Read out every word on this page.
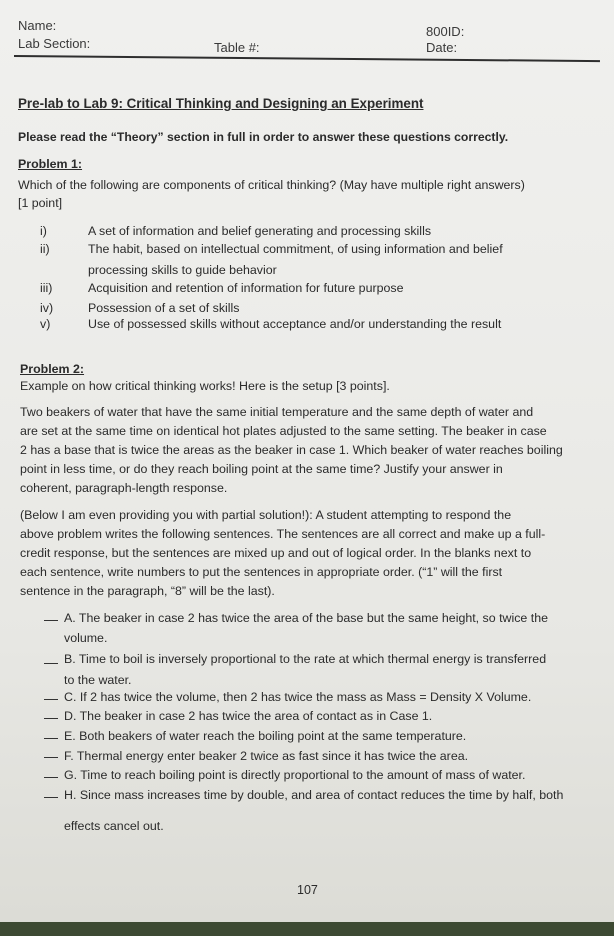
Name:
Lab Section:	Table #:
800ID:
Date:
Pre-lab to Lab 9: Critical Thinking and Designing an Experiment
Please read the “Theory” section in full in order to answer these questions correctly.
Problem 1:
Which of the following are components of critical thinking? (May have multiple right answers)
[1 point]
i)	A set of information and belief generating and processing skills
ii)	The habit, based on intellectual commitment, of using information and belief
processing skills to guide behavior
iii)	Acquisition and retention of information for future purpose
iv)	Possession of a set of skills
v)	Use of possessed skills without acceptance and/or understanding the result
Problem 2:
Example on how critical thinking works! Here is the setup [3 points].
Two beakers of water that have the same initial temperature and the same depth of water and
are set at the same time on identical hot plates adjusted to the same setting. The beaker in case
2 has a base that is twice the areas as the beaker in case 1. Which beaker of water reaches boiling
point in less time, or do they reach boiling point at the same time? Justify your answer in
coherent, paragraph-length response.
(Below I am even providing you with partial solution!): A student attempting to respond the
above problem writes the following sentences. The sentences are all correct and make up a full-
credit response, but the sentences are mixed up and out of logical order. In the blanks next to
each sentence, write numbers to put the sentences in appropriate order. (“1” will the first
sentence in the paragraph, “8” will be the last).
A. The beaker in case 2 has twice the area of the base but the same height, so twice the
volume.
B. Time to boil is inversely proportional to the rate at which thermal energy is transferred
to the water.
C. If 2 has twice the volume, then 2 has twice the mass as Mass = Density X Volume.
D. The beaker in case 2 has twice the area of contact as in Case 1.
E. Both beakers of water reach the boiling point at the same temperature.
F. Thermal energy enter beaker 2 twice as fast since it has twice the area.
G. Time to reach boiling point is directly proportional to the amount of mass of water.
H. Since mass increases time by double, and area of contact reduces the time by half, both
effects cancel out.
107
